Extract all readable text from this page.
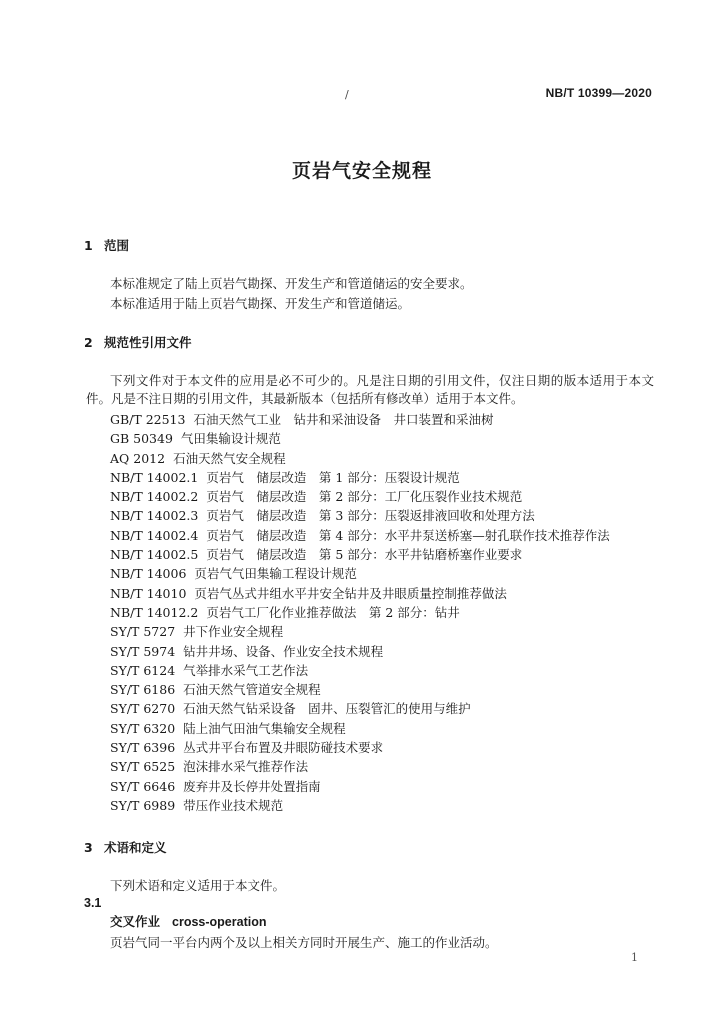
/	NB/T 10399—2020
页岩气安全规程
1 范围
本标准规定了陆上页岩气勘探、开发生产和管道储运的安全要求。
本标准适用于陆上页岩气勘探、开发生产和管道储运。
2 规范性引用文件
下列文件对于本文件的应用是必不可少的。凡是注日期的引用文件，仅注日期的版本适用于本文件。凡是不注日期的引用文件，其最新版本（包括所有修改单）适用于本文件。
GB/T 22513 石油天然气工业　钻井和采油设备　井口装置和采油树
GB 50349 气田集输设计规范
AQ 2012 石油天然气安全规程
NB/T 14002.1 页岩气　储层改造　第 1 部分：压裂设计规范
NB/T 14002.2 页岩气　储层改造　第 2 部分：工厂化压裂作业技术规范
NB/T 14002.3 页岩气　储层改造　第 3 部分：压裂返排液回收和处理方法
NB/T 14002.4 页岩气　储层改造　第 4 部分：水平井泵送桥塞—射孔联作技术推荐作法
NB/T 14002.5 页岩气　储层改造　第 5 部分：水平井钻磨桥塞作业要求
NB/T 14006 页岩气气田集输工程设计规范
NB/T 14010 页岩气丛式井组水平井安全钻井及井眼质量控制推荐做法
NB/T 14012.2 页岩气工厂化作业推荐做法　第 2 部分：钻井
SY/T 5727 井下作业安全规程
SY/T 5974 钻井井场、设备、作业安全技术规程
SY/T 6124 气举排水采气工艺作法
SY/T 6186 石油天然气管道安全规程
SY/T 6270 石油天然气钻采设备　固井、压裂管汇的使用与维护
SY/T 6320 陆上油气田油气集输安全规程
SY/T 6396 丛式井平台布置及井眼防碰技术要求
SY/T 6525 泡沫排水采气推荐作法
SY/T 6646 废弃井及长停井处置指南
SY/T 6989 带压作业技术规范
3 术语和定义
下列术语和定义适用于本文件。
3.1
交叉作业 cross-operation
页岩气同一平台内两个及以上相关方同时开展生产、施工的作业活动。
1
